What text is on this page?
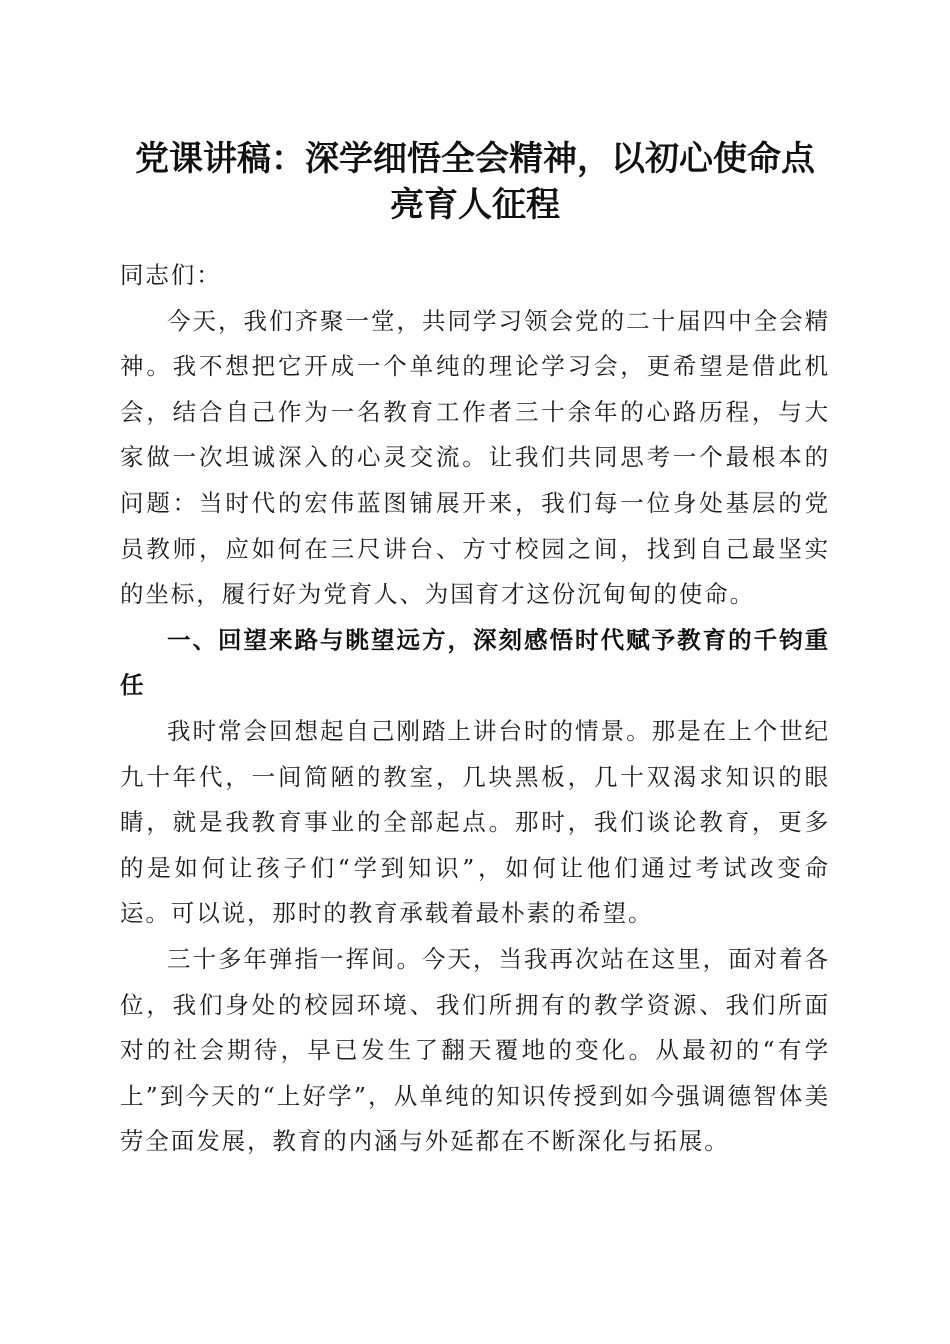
党课讲稿：深学细悟全会精神，以初心使命点
亮育人征程

同志们：

今天，我们齐聚一堂，共同学习领会党的二十届四中全会精神。我不想把它开成一个单纯的理论学习会，更希望是借此机会，结合自己作为一名教育工作者三十余年的心路历程，与大家做一次坦诚深入的心灵交流。让我们共同思考一个最根本的问题：当时代的宏伟蓝图铺展开来，我们每一位身处基层的党员教师，应如何在三尺讲台、方寸校园之间，找到自己最坚实的坐标，履行好为党育人、为国育才这份沉甸甸的使命。

一、回望来路与眺望远方，深刻感悟时代赋予教育的千钧重任

我时常会回想起自己刚踏上讲台时的情景。那是在上个世纪九十年代，一间简陋的教室，几块黑板，几十双渴求知识的眼睛，就是我教育事业的全部起点。那时，我们谈论教育，更多的是如何让孩子们“学到知识”，如何让他们通过考试改变命运。可以说，那时的教育承载着最朴素的希望。

三十多年弹指一挥间。今天，当我再次站在这里，面对着各位，我们身处的校园环境、我们所拥有的教学资源、我们所面对的社会期待，早已发生了翻天覆地的变化。从最初的“有学上”到今天的“上好学”，从单纯的知识传授到如今强调德智体美劳全面发展，教育的内涵与外延都在不断深化与拓展。
